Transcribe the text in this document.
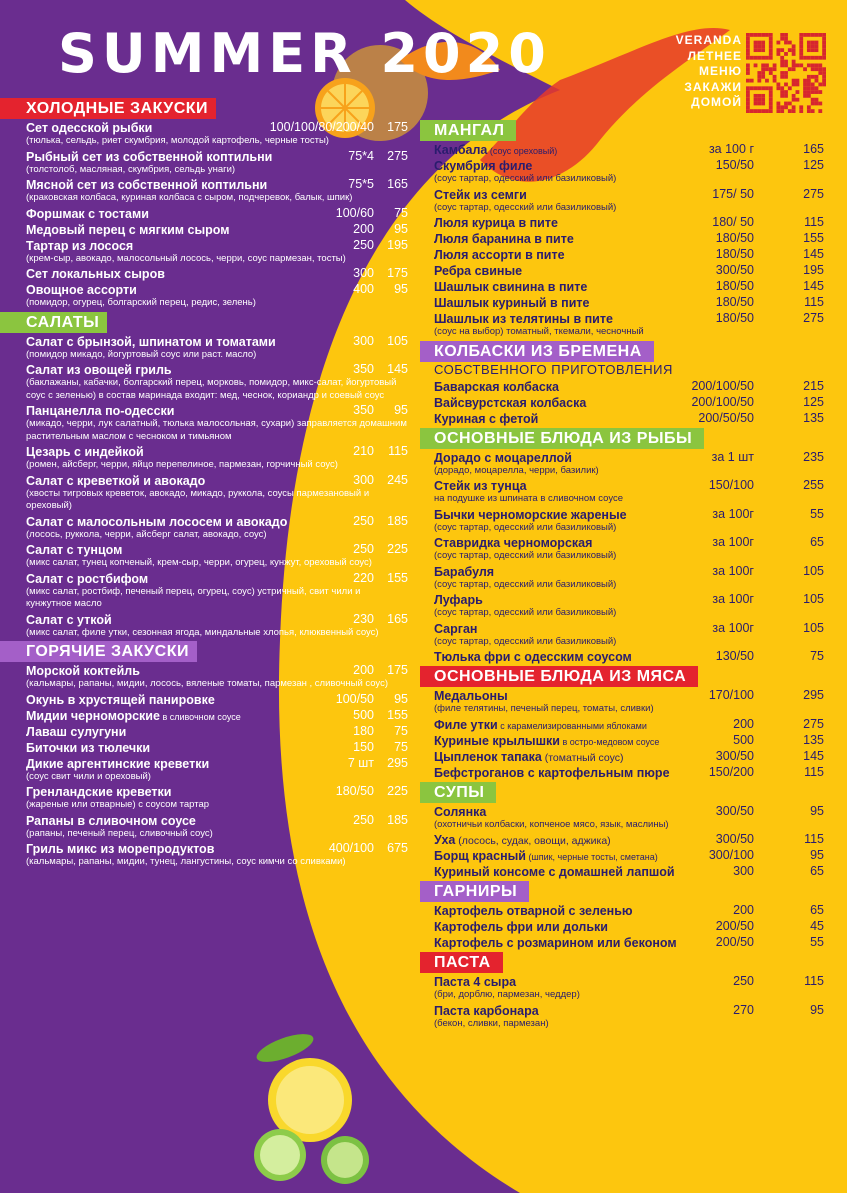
SUMMER 2020	VERANDA
ЛЕТНЕЕ
МЕНЮ
ЗАКАЖИ
ДОМОЙ
ХОЛОДНЫЕ ЗАКУСКИ
Сет одесской рыбки	100/100/80/200/40	175
(тюлька, сельдь, риет скумбрия, молодой картофель, черные тосты)
Рыбный сет из собственной коптильни	75*4	275
(толстолоб, масляная, скумбрия, сельдь унаги)
Мясной сет из собственной коптильни	75*5	165
(краковская колбаса, куриная колбаса с сыром, подчеревок, балык, шпик)
Форшмак с тостами	100/60	75
Медовый перец с мягким сыром	200	95
Тартар из лосося	250	195
(крем-сыр, авокадо, малосольный лосось, черри, соус пармезан, тосты)
Сет локальных сыров	300	175
Овощное ассорти	400	95
(помидор, огурец, болгарский перец, редис, зелень)
САЛАТЫ
Салат с брынзой, шпинатом и томатами	300	105
(помидор микадо, йогуртовый соус или раст. масло)
Салат из овощей гриль	350	145
(баклажаны, кабачки, болгарский перец, морковь, помидор, микс-салат, йогуртовый соус с зеленью) в состав маринада входит: мед, чеснок, кориандр и соевый соус
Панцанелла по-одесски	350	95
(микадо, черри, лук салатный, тюлька малосольная, сухари) заправляется домашним растительным маслом с чесноком и тимьяном
Цезарь с индейкой	210	115
(ромен, айсберг, черри, яйцо перепелиное, пармезан, горчичный соус)
Салат с креветкой и авокадо	300	245
(хвосты тигровых креветок, авокадо, микадо, руккола, соусы пармезановый и ореховый)
Салат с малосольным лососем и авокадо	250	185
(лосось, руккола, черри, айсберг салат, авокадо, соус)
Салат с тунцом	250	225
(микс салат, тунец копченый, крем-сыр, черри, огурец, кунжут, ореховый соус)
Салат с ростбифом	220	155
(микс салат, ростбиф, печеный перец, огурец, соус) устричный, свит чили и кунжутное масло
Салат с уткой	230	165
(микс салат, филе утки, сезонная ягода, миндальные хлопья, клюквенный соус)
ГОРЯЧИЕ ЗАКУСКИ
Морской коктейль	200	175
(кальмары, рапаны, мидии, лосось, вяленые томаты, пармезан , сливочный соус)
Окунь в хрустящей панировке	100/50	95
Мидии черноморские в сливочном соусе	500	155
Лаваш сулугуни	180	75
Биточки из тюлечки	150	75
Дикие аргентинские креветки	7 шт	295
(соус свит чили и ореховый)
Гренландские креветки	180/50	225
(жареные или отварные) с соусом тартар
Рапаны в сливочном соусе	250	185
(рапаны, печеный перец, сливочный соус)
Гриль микс из морепродуктов	400/100	675
(кальмары, рапаны, мидии, тунец, лангустины, соус кимчи со сливками)
МАНГАЛ
Камбала (соус ореховый)	за 100 г	165
Скумбрия филе	150/50	125
(соус тартар, одесский или базиликовый)
Стейк из семги	175/ 50	275
(соус тартар, одесский или базиликовый)
Люля курица в пите	180/ 50	115
Люля баранина в пите	180/50	155
Люля ассорти в пите	180/50	145
Ребра свиные	300/50	195
Шашлык свинина в пите	180/50	145
Шашлык куриный в пите	180/50	115
Шашлык из телятины в пите	180/50	275
(соус на выбор) томатный, ткемали, чесночный
КОЛБАСКИ ИЗ БРЕМЕНА
СОБСТВЕННОГО ПРИГОТОВЛЕНИЯ
Баварская колбаска	200/100/50	215
Вайсвурстская колбаска	200/100/50	125
Куриная с фетой	200/50/50	135
ОСНОВНЫЕ БЛЮДА ИЗ РЫБЫ
Дорадо с моцареллой	за 1 шт	235
(дорадо, моцарелла, черри, базилик)
Стейк из тунца	150/100	255
на подушке из шпината в сливочном соусе
Бычки черноморские жареные	за 100г	55
(соус тартар, одесский или базиликовый)
Ставридка черноморская	за 100г	65
(соус тартар, одесский или базиликовый)
Барабуля	за 100г	105
(соус тартар, одесский или базиликовый)
Луфарь	за 100г	105
(соус тартар, одесский или базиликовый)
Сарган	за 100г	105
(соус тартар, одесский или базиликовый)
Тюлька фри с одесским соусом	130/50	75
ОСНОВНЫЕ БЛЮДА ИЗ МЯСА
Медальоны	170/100	295
(филе телятины, печеный перец, томаты, сливки)
Филе утки с карамелизированными яблоками	200	275
Куриные крылышки в остро-медовом соусе	500	135
Цыпленок тапака (томатный соус)	300/50	145
Бефстроганов с картофельным пюре	150/200	115
СУПЫ
Солянка	300/50	95
(охотничьи колбаски, копченое мясо, язык, маслины)
Уха (лосось, судак, овощи, аджика)	300/50	115
Борщ красный (шпик, черные тосты, сметана)	300/100	95
Куриный консоме с домашней лапшой	300	65
ГАРНИРЫ
Картофель отварной с зеленью	200	65
Картофель фри или дольки	200/50	45
Картофель с розмарином или беконом	200/50	55
ПАСТА
Паста 4 сыра	250	115
(бри, дорблю, пармезан, чеддер)
Паста карбонара	270	95
(бекон, сливки, пармезан)
